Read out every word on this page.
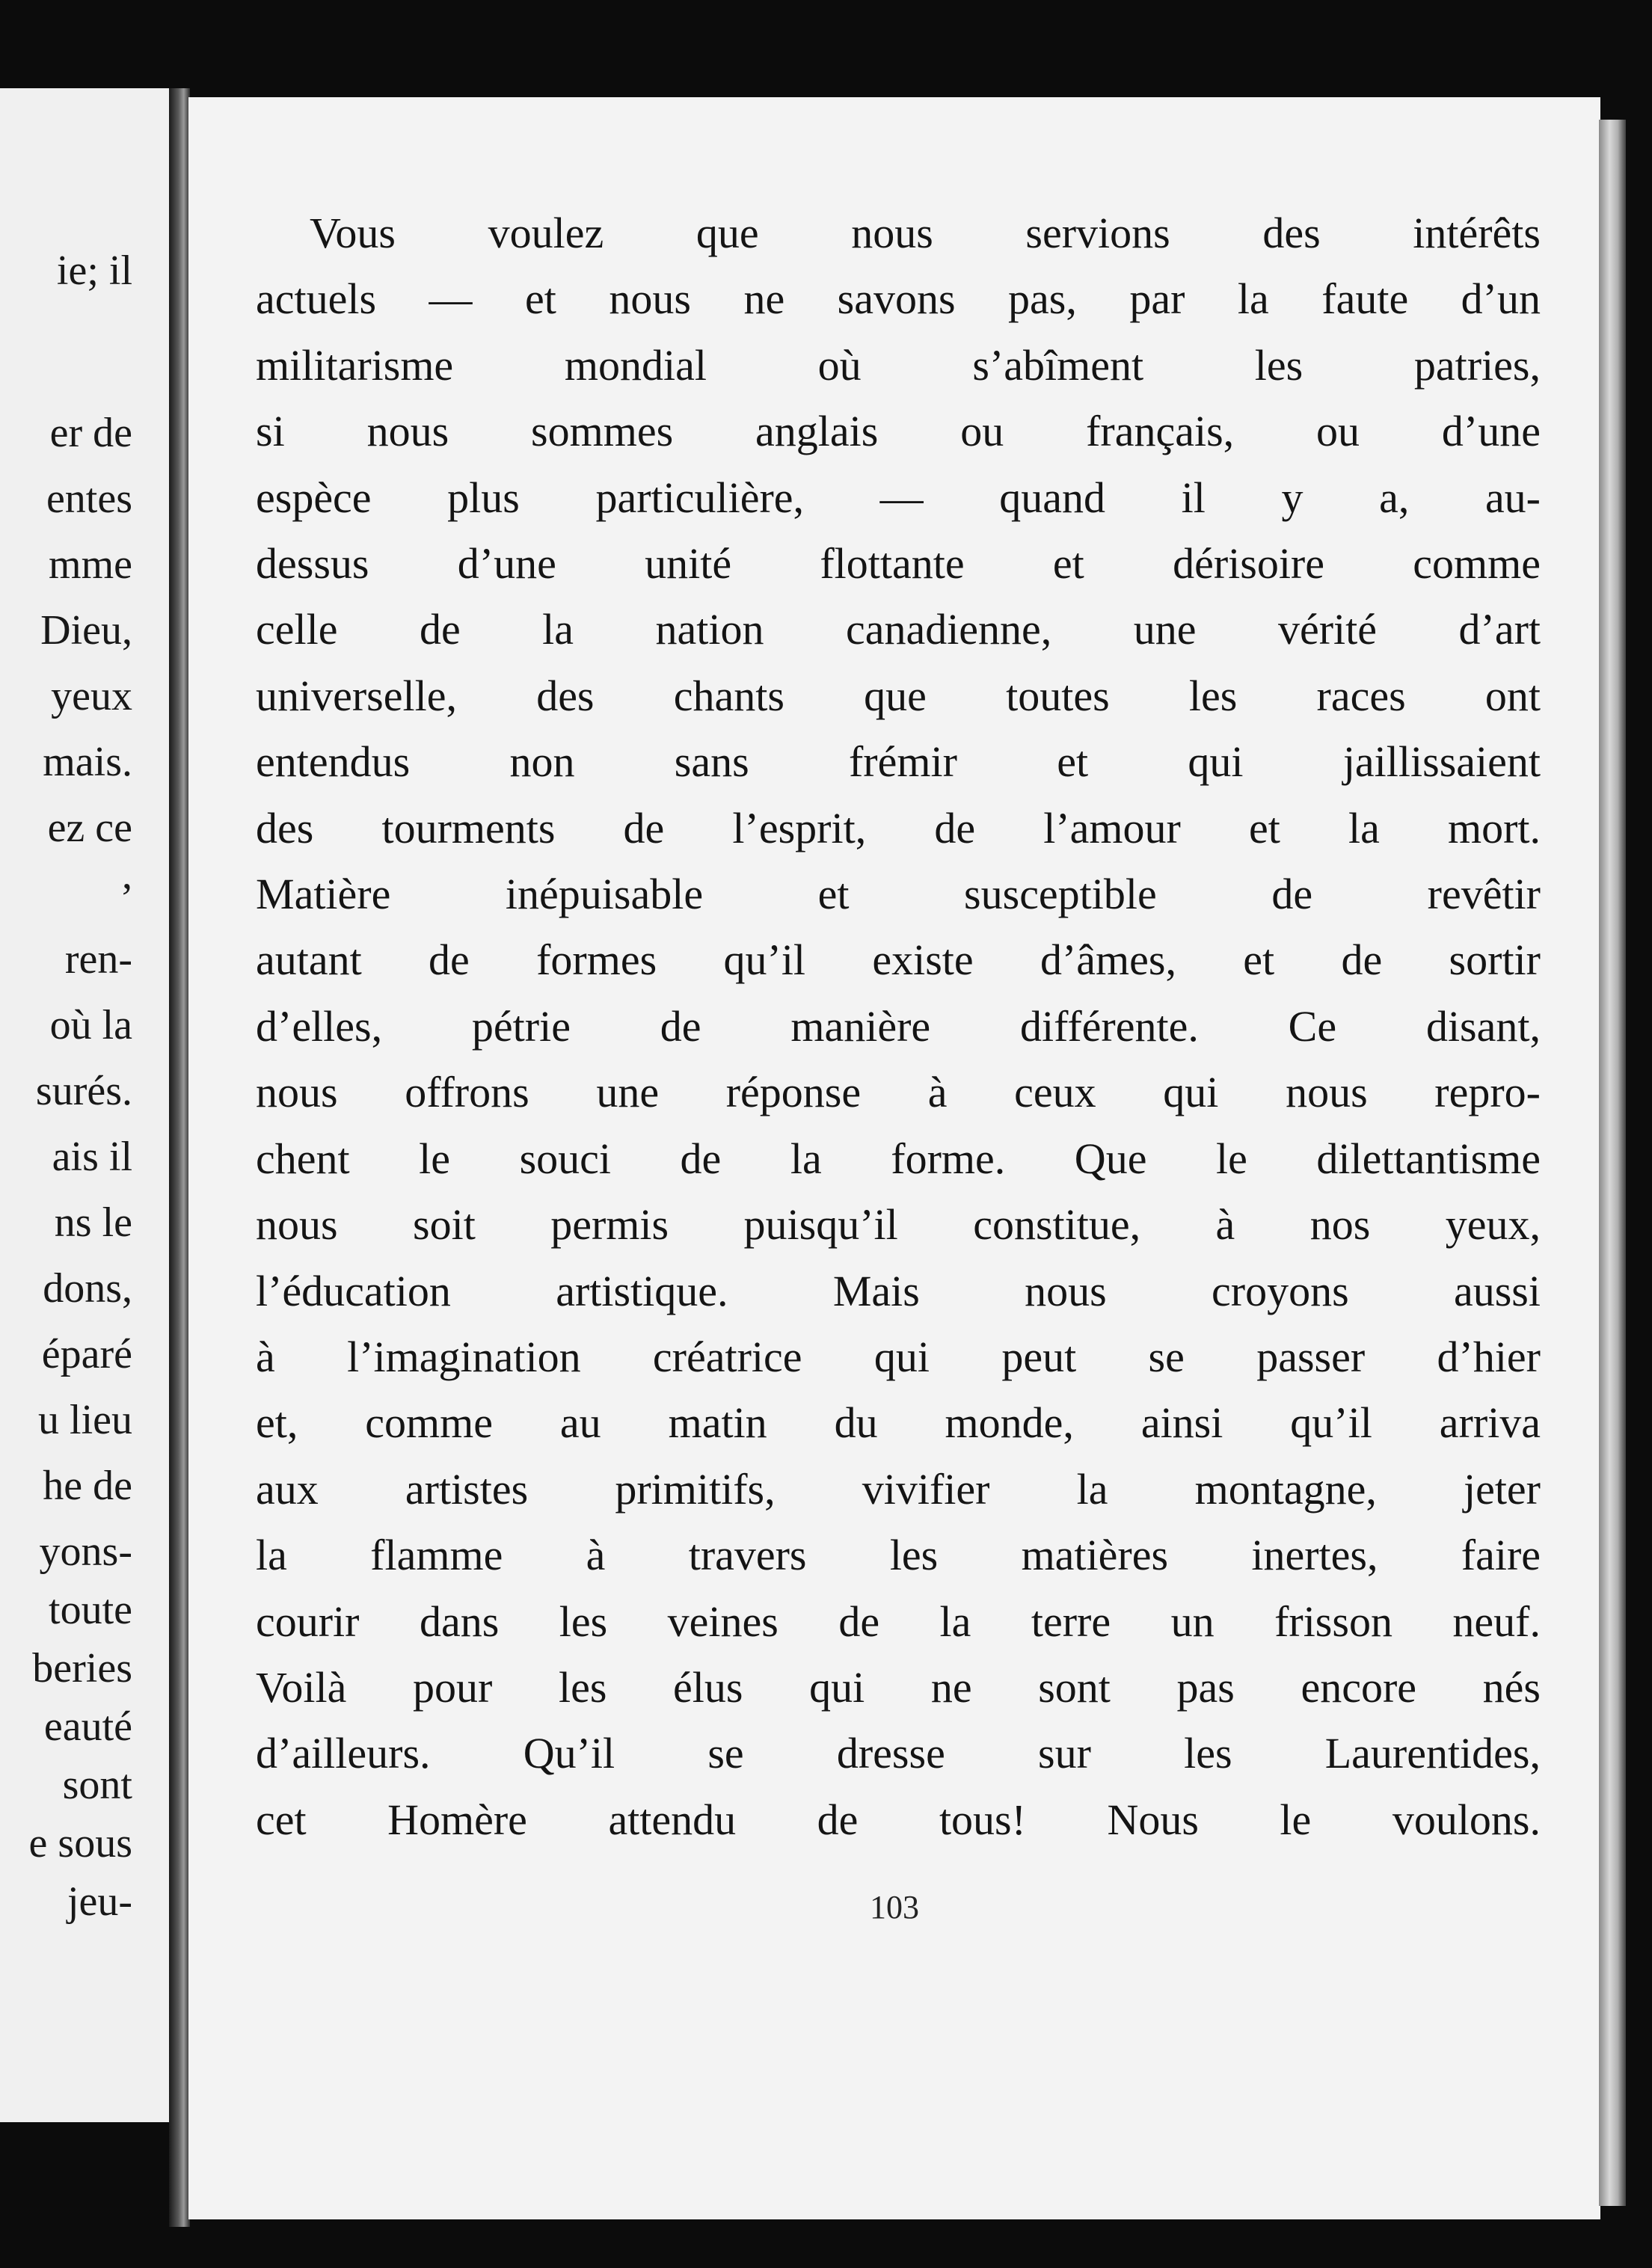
ie; il

er de

entes

mme

Dieu,

yeux

mais.

ez ce

,

ren-

où la

surés.

ais il

ns le

dons,

éparé

u lieu

he de

yons-

toute

beries

eauté

sont

e sous

jeu-

Vous voulez que nous servions des intérêts

actuels — et nous ne savons pas, par la faute d’un

militarisme mondial où s’abîment les patries,

si nous sommes anglais ou français, ou d’une

espèce plus particulière, — quand il y a, au-

dessus d’une unité flottante et dérisoire comme

celle de la nation canadienne, une vérité d’art

universelle, des chants que toutes les races ont

entendus non sans frémir et qui jaillissaient

des tourments de l’esprit, de l’amour et la mort.

Matière inépuisable et susceptible de revêtir

autant de formes qu’il existe d’âmes, et de sortir

d’elles, pétrie de manière différente. Ce disant,

nous offrons une réponse à ceux qui nous repro-

chent le souci de la forme. Que le dilettantisme

nous soit permis puisqu’il constitue, à nos yeux,

l’éducation artistique. Mais nous croyons aussi

à l’imagination créatrice qui peut se passer d’hier

et, comme au matin du monde, ainsi qu’il arriva

aux artistes primitifs, vivifier la montagne, jeter

la flamme à travers les matières inertes, faire

courir dans les veines de la terre un frisson neuf.

Voilà pour les élus qui ne sont pas encore nés

d’ailleurs. Qu’il se dresse sur les Laurentides,

cet Homère attendu de tous! Nous le voulons.

103
